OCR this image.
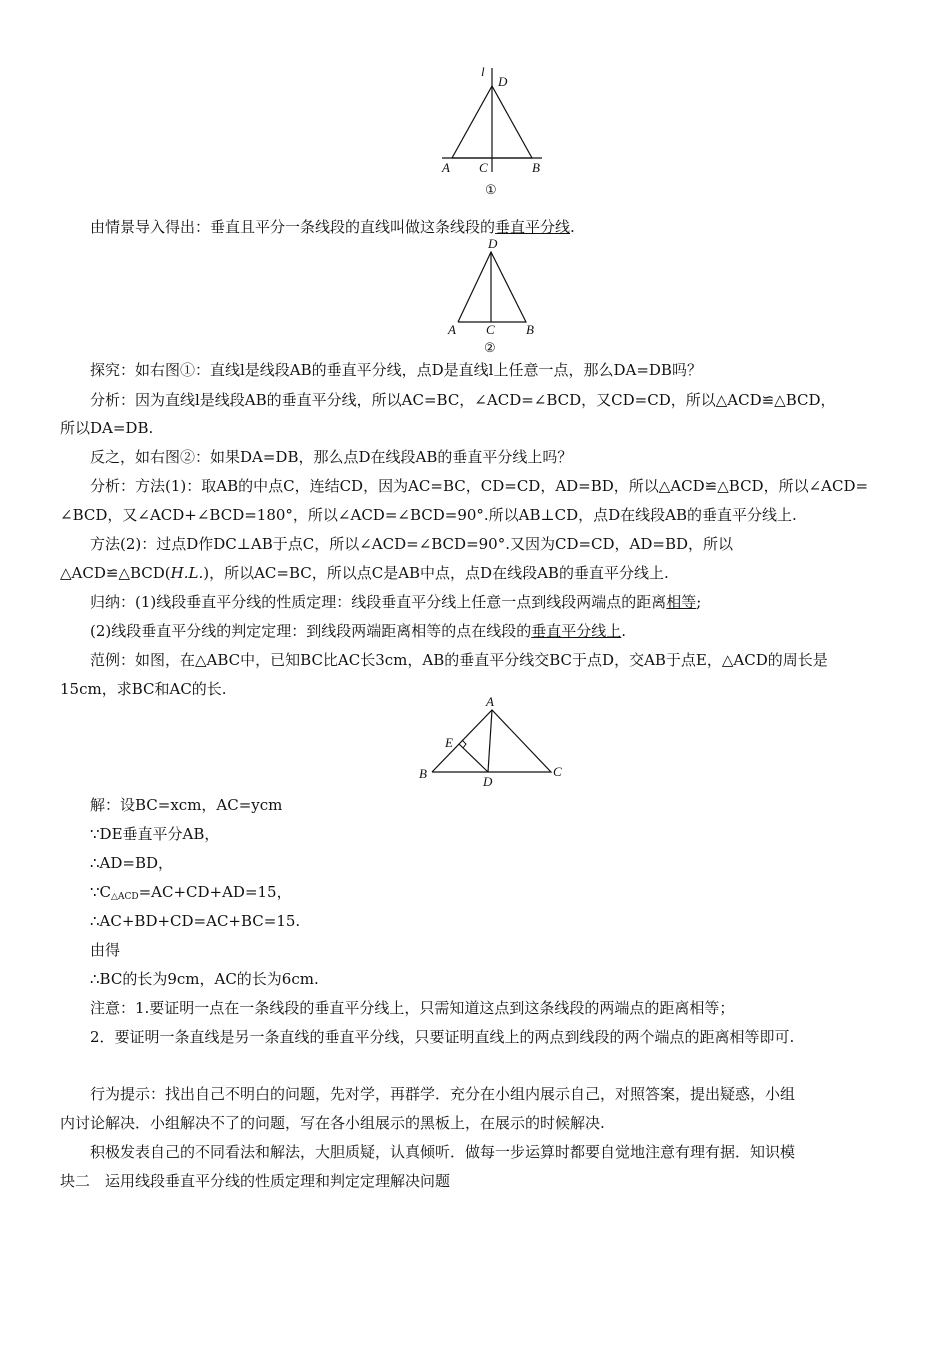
l
D
A C	B
①
由情景导入得出：垂直且平分一条线段的直线叫做这条线段的垂直平分线.
D
A C B
②
探究：如右图①：直线l是线段AB的垂直平分线，点D是直线l上任意一点，那么DA=DB吗？
分析：因为直线l是线段AB的垂直平分线，所以AC=BC，∠ACD=∠BCD，又CD=CD，所以△ACD≌△BCD，
所以DA=DB.
反之，如右图②：如果DA=DB，那么点D在线段AB的垂直平分线上吗？
分析：方法(1)：取AB的中点C，连结CD，因为AC=BC，CD=CD，AD=BD，所以△ACD≌△BCD，所以∠ACD=
∠BCD，又∠ACD+∠BCD=180°，所以∠ACD=∠BCD=90°.所以AB⊥CD，点D在线段AB的垂直平分线上.
方法(2)：过点D作DC⊥AB于点C，所以∠ACD=∠BCD=90°.又因为CD=CD，AD=BD，所以
△ACD≌△BCD(H.L.)，所以AC=BC，所以点C是AB中点，点D在线段AB的垂直平分线上.
归纳：(1)线段垂直平分线的性质定理：线段垂直平分线上任意一点到线段两端点的距离相等;
(2)线段垂直平分线的判定定理：到线段两端距离相等的点在线段的垂直平分线上.
范例：如图，在△ABC中，已知BC比AC长3cm，AB的垂直平分线交BC于点D，交AB于点E，△ACD的周长是
15cm，求BC和AC的长.
A
E
B
D
C
解：设BC=xcm，AC=ycm
∵DE垂直平分AB，
∴AD=BD，
$\because C_{\triangle ACD}=AC+CD+AD=15$，
∴AC+BD+CD=AC+BC=15.
由得
∴BC的长为9cm，AC的长为6cm.
注意：1.要证明一点在一条线段的垂直平分线上，只需知道这点到这条线段的两端点的距离相等；
2．要证明一条直线是另一条直线的垂直平分线，只要证明直线上的两点到线段的两个端点的距离相等即可.
行为提示：找出自己不明白的问题，先对学，再群学．充分在小组内展示自己，对照答案，提出疑惑，小组
内讨论解决．小组解决不了的问题，写在各小组展示的黑板上，在展示的时候解决.
积极发表自己的不同看法和解法，大胆质疑，认真倾听．做每一步运算时都要自觉地注意有理有据．知识模
块二　运用线段垂直平分线的性质定理和判定定理解决问题
